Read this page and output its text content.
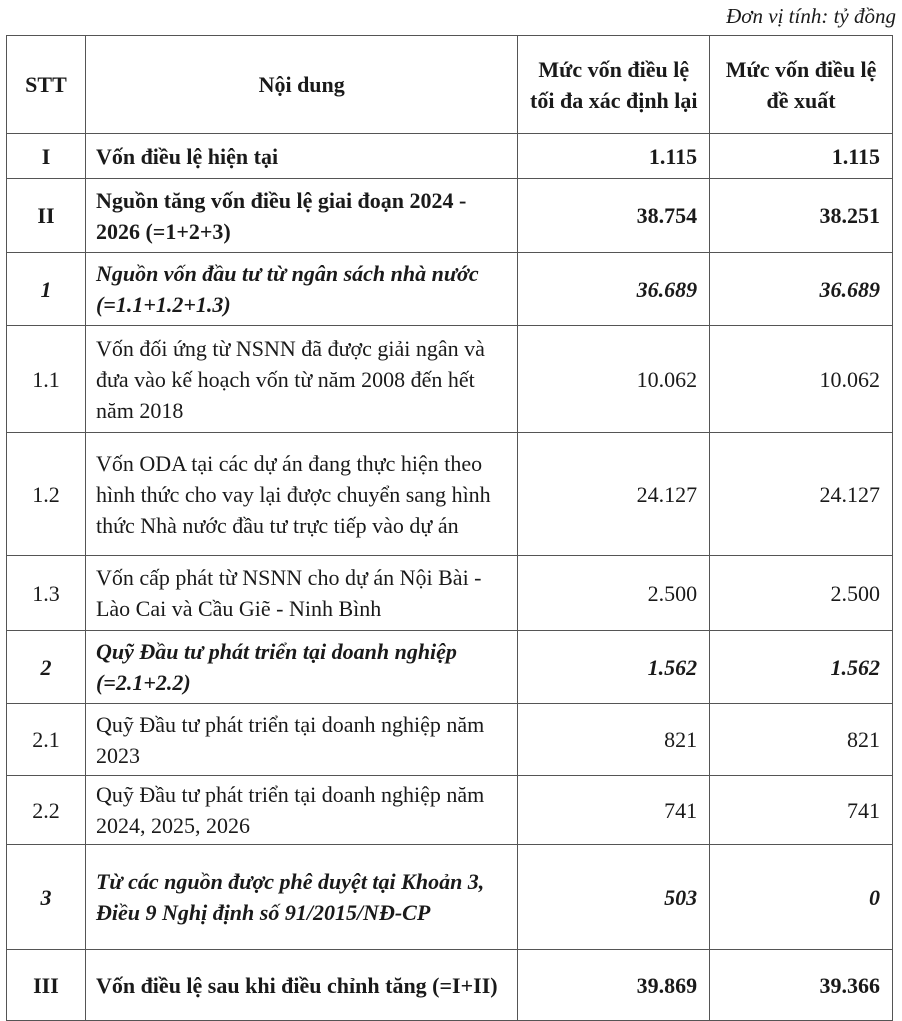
Đơn vị tính: tỷ đồng
STT	Nội dung	Mức vốn điều lệ tối đa xác định lại	Mức vốn điều lệ đề xuất
I	Vốn điều lệ hiện tại	1.115	1.115
II	Nguồn tăng vốn điều lệ giai đoạn 2024 - 2026 (=1+2+3)	38.754	38.251
1	Nguồn vốn đầu tư từ ngân sách nhà nước (=1.1+1.2+1.3)	36.689	36.689
1.1	Vốn đối ứng từ NSNN đã được giải ngân và đưa vào kế hoạch vốn từ năm 2008 đến hết năm 2018	10.062	10.062
1.2	Vốn ODA tại các dự án đang thực hiện theo hình thức cho vay lại được chuyển sang hình thức Nhà nước đầu tư trực tiếp vào dự án	24.127	24.127
1.3	Vốn cấp phát từ NSNN cho dự án Nội Bài - Lào Cai và Cầu Giẽ - Ninh Bình	2.500	2.500
2	Quỹ Đầu tư phát triển tại doanh nghiệp (=2.1+2.2)	1.562	1.562
2.1	Quỹ Đầu tư phát triển tại doanh nghiệp năm 2023	821	821
2.2	Quỹ Đầu tư phát triển tại doanh nghiệp năm 2024, 2025, 2026	741	741
3	Từ các nguồn được phê duyệt tại Khoản 3, Điều 9 Nghị định số 91/2015/NĐ-CP	503	0
III	Vốn điều lệ sau khi điều chỉnh tăng (=I+II)	39.869	39.366
